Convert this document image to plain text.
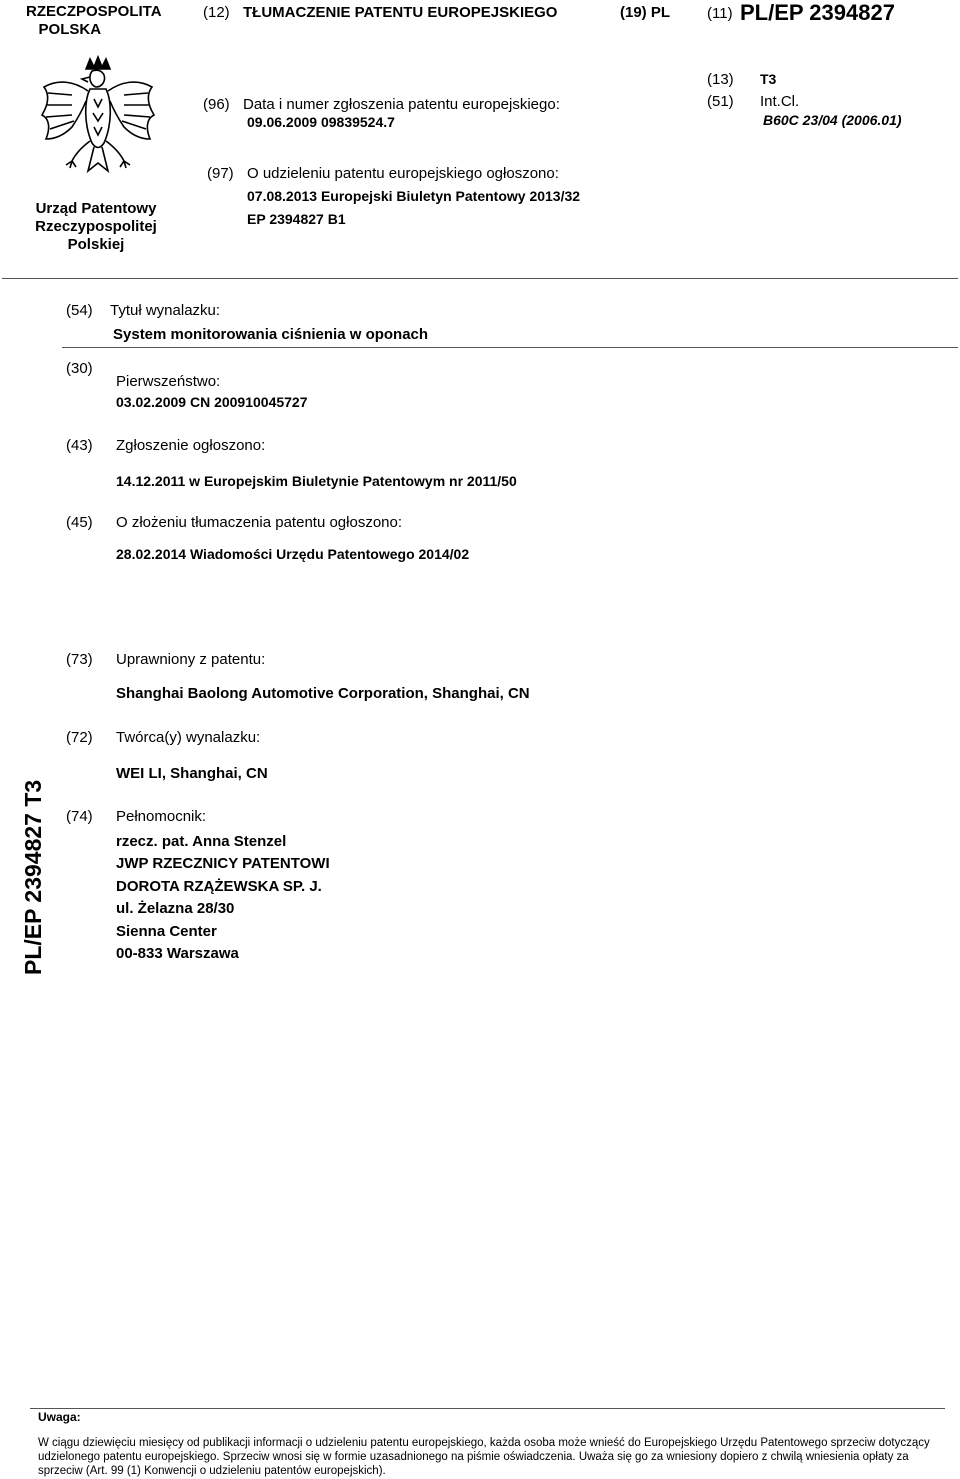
RZECZPOSPOLITA
POLSKA
(12) TŁUMACZENIE PATENTU EUROPEJSKIEGO	(19) PL (11) PL/EP 2394827
Urząd Patentowy
Rzeczypospolitej
Polskiej
(96) Data i numer zgłoszenia patentu europejskiego:
09.06.2009 09839524.7
(13) T3
(51) Int.Cl.
B60C 23/04 (2006.01)
(97) O udzieleniu patentu europejskiego ogłoszono:
07.08.2013 Europejski Biuletyn Patentowy 2013/32
EP 2394827 B1
(54) Tytuł wynalazku:
System monitorowania ciśnienia w oponach
(30)
Pierwszeństwo:
03.02.2009 CN 200910045727
(43) Zgłoszenie ogłoszono:
14.12.2011 w Europejskim Biuletynie Patentowym nr 2011/50
(45) O złożeniu tłumaczenia patentu ogłoszono:
28.02.2014 Wiadomości Urzędu Patentowego 2014/02
(73) Uprawniony z patentu:
Shanghai Baolong Automotive Corporation, Shanghai, CN
(72) Twórca(y) wynalazku:
WEI LI, Shanghai, CN
(74) Pełnomocnik:
rzecz. pat. Anna Stenzel
JWP RZECZNICY PATENTOWI
DOROTA RZĄŻEWSKA SP. J.
ul. Żelazna 28/30
Sienna Center
00-833 Warszawa
PL/EP 2394827 T3
Uwaga:
W ciągu dziewięciu miesięcy od publikacji informacji o udzieleniu patentu europejskiego, każda osoba może wnieść do Europejskiego Urzędu Patentowego sprzeciw dotyczący udzielonego patentu europejskiego. Sprzeciw wnosi się w formie uzasadnionego na piśmie oświadczenia. Uważa się go za wniesiony dopiero z chwilą wniesienia opłaty za sprzeciw (Art. 99 (1) Konwencji o udzieleniu patentów europejskich).
